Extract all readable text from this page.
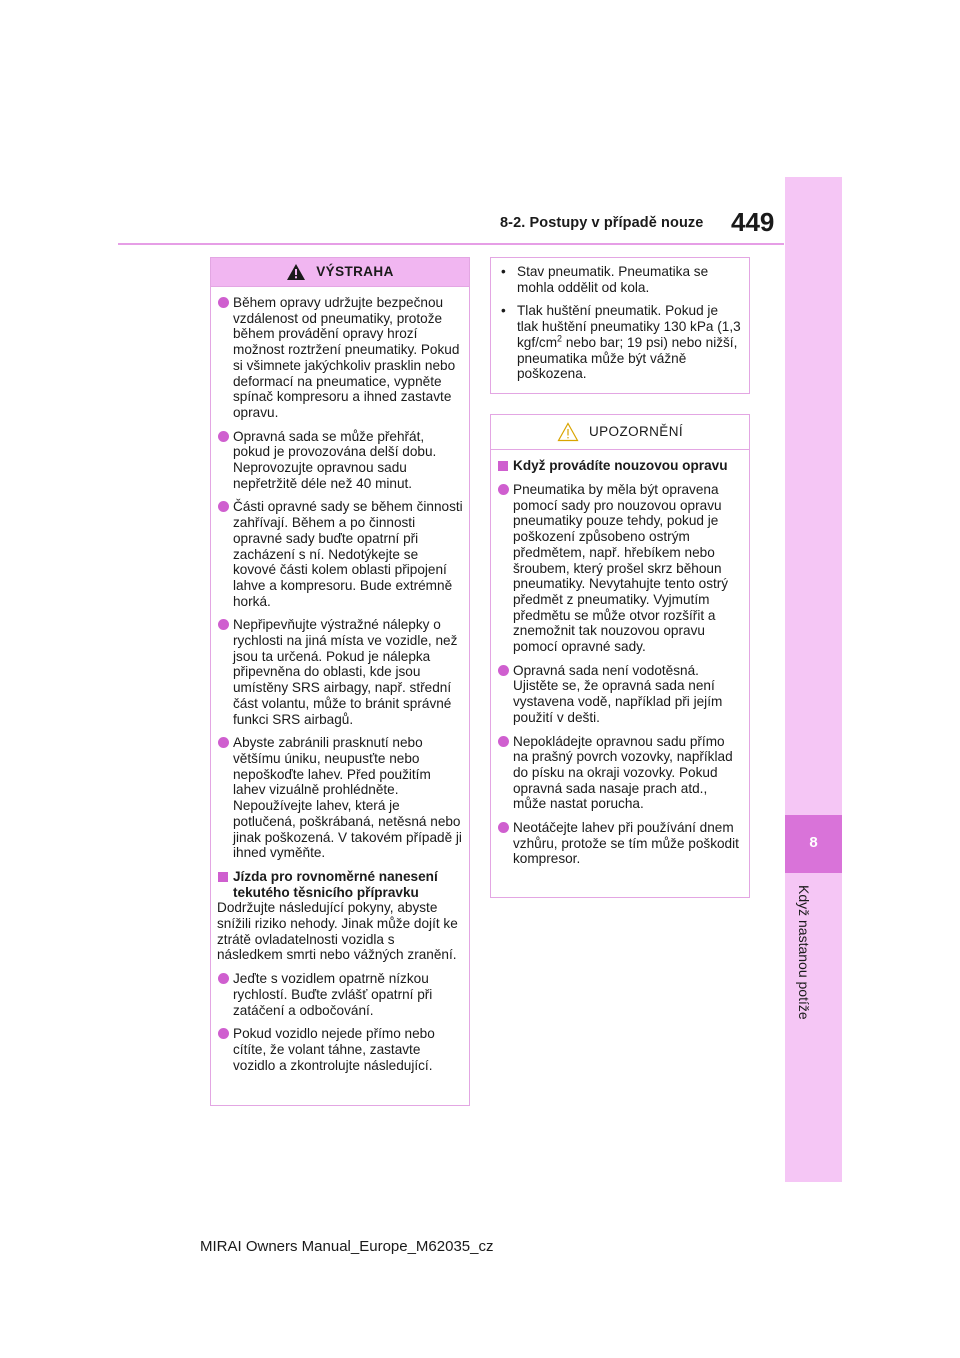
449
8-2. Postupy v případě nouze
8
Když nastanou potíže
VÝSTRAHA
Během opravy udržujte bezpečnou vzdálenost od pneumatiky, protože během provádění opravy hrozí možnost roztržení pneumatiky. Pokud si všimnete jakýchkoliv prasklin nebo deformací na pneumatice, vypněte spínač kompresoru a ihned zastavte opravu.
Opravná sada se může přehřát, pokud je provozována delší dobu. Neprovozujte opravnou sadu nepřetržitě déle než 40 minut.
Části opravné sady se během činnosti zahřívají. Během a po činnosti opravné sady buďte opatrní při zacházení s ní. Nedotýkejte se kovové části kolem oblasti připojení lahve a kompresoru. Bude extrémně horká.
Nepřipevňujte výstražné nálepky o rychlosti na jiná místa ve vozidle, než jsou ta určená. Pokud je nálepka připevněna do oblasti, kde jsou umístěny SRS airbagy, např. střední část volantu, může to bránit správné funkci SRS airbagů.
Abyste zabránili prasknutí nebo většímu úniku, neupusťte nebo nepoškoďte lahev. Před použitím lahev vizuálně prohlédněte. Nepoužívejte lahev, která je potlučená, poškrábaná, netěsná nebo jinak poškozená. V takovém případě ji ihned vyměňte.
Jízda pro rovnoměrné nanesení tekutého těsnicího přípravku
Dodržujte následující pokyny, abyste snížili riziko nehody. Jinak může dojít ke ztrátě ovladatelnosti vozidla s následkem smrti nebo vážných zranění.
Jeďte s vozidlem opatrně nízkou rychlostí. Buďte zvlášť opatrní při zatáčení a odbočování.
Pokud vozidlo nejede přímo nebo cítíte, že volant táhne, zastavte vozidlo a zkontrolujte následující.
• Stav pneumatik. Pneumatika se mohla oddělit od kola.
• Tlak huštění pneumatik. Pokud je tlak huštění pneumatiky 130 kPa (1,3 kgf/$cm^2$ nebo bar; 19 psi) nebo nižší, pneumatika může být vážně poškozena.
UPOZORNĚNÍ
Když provádíte nouzovou opravu
Pneumatika by měla být opravena pomocí sady pro nouzovou opravu pneumatiky pouze tehdy, pokud je poškození způsobeno ostrým předmětem, např. hřebíkem nebo šroubem, který prošel skrz běhoun pneumatiky. Nevytahujte tento ostrý předmět z pneumatiky. Vyjmutím předmětu se může otvor rozšířit a znemožnit tak nouzovou opravu pomocí opravné sady.
Opravná sada není vodotěsná. Ujistěte se, že opravná sada není vystavena vodě, například při jejím použití v dešti.
Nepokládejte opravnou sadu přímo na prašný povrch vozovky, například do písku na okraji vozovky. Pokud opravná sada nasaje prach atd., může nastat porucha.
Neotáčejte lahev při používání dnem vzhůru, protože se tím může poškodit kompresor.
MIRAI Owners Manual_Europe_M62035_cz
